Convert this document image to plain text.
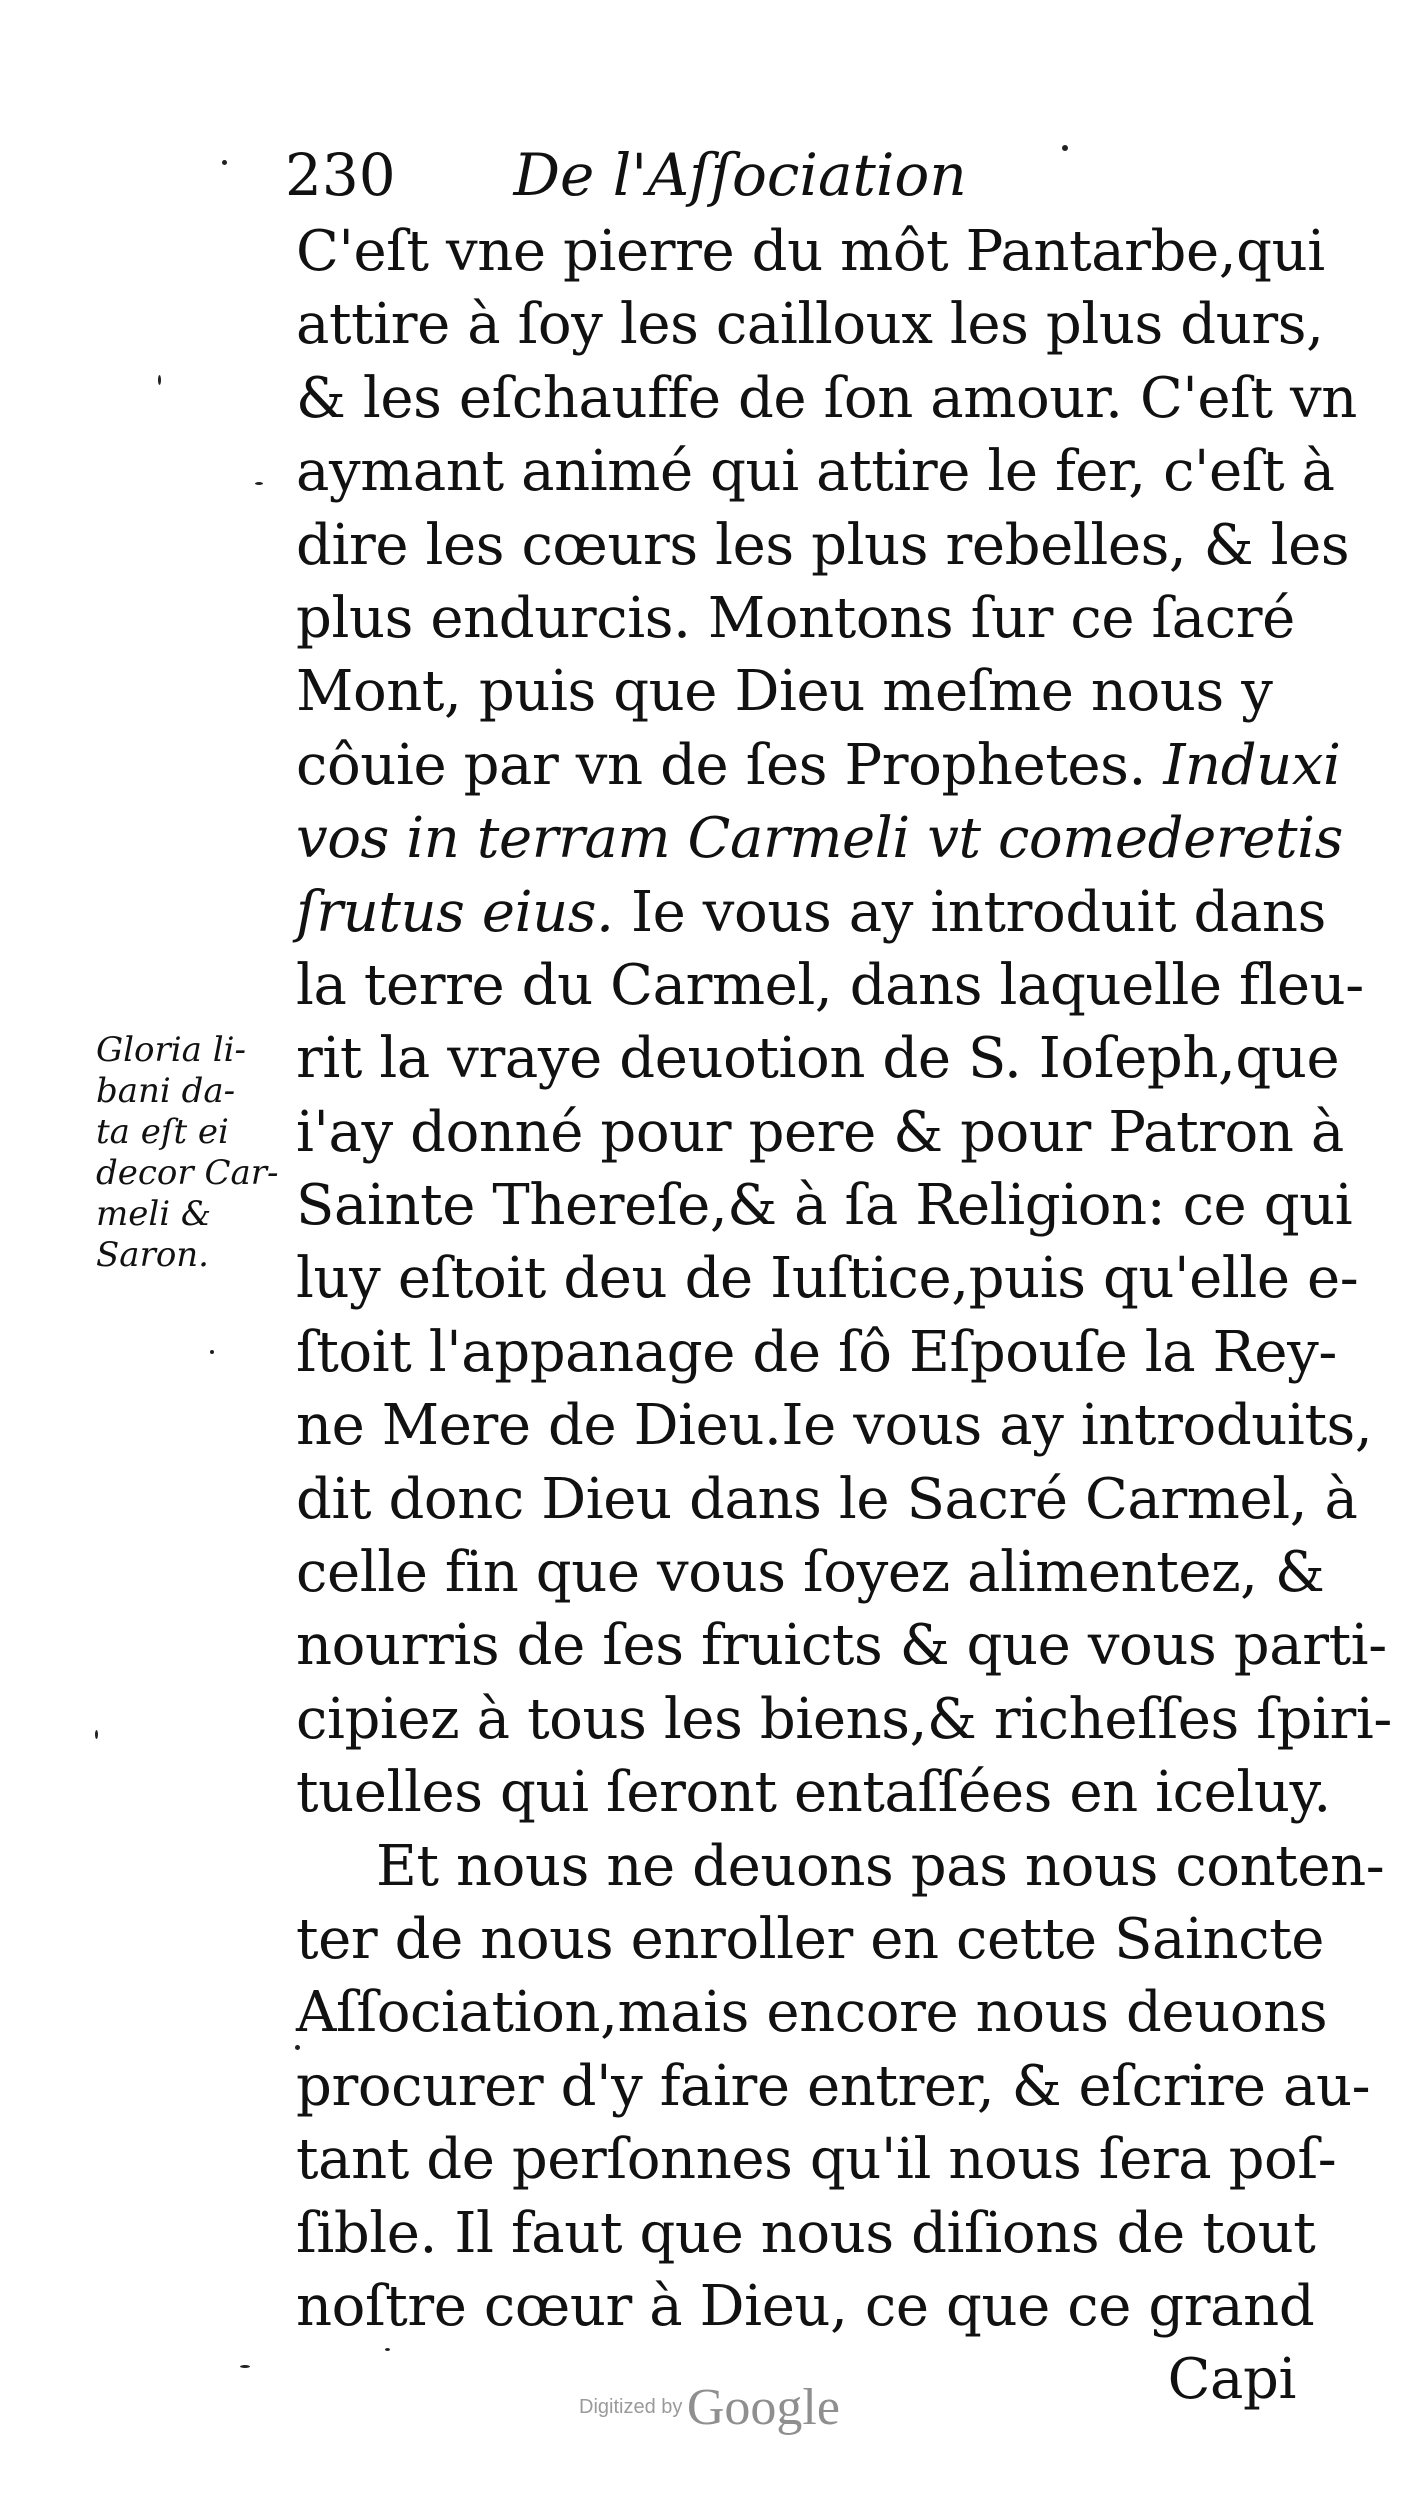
230 De l'Aſſociation
C'eſt vne pierre du môt Pantarbe,qui
attire à ſoy les cailloux les plus durs,
& les eſchauffe de ſon amour. C'eſt vn
aymant animé qui attire le fer, c'eſt à
dire les cœurs les plus rebelles, & les
plus endurcis. Montons ſur ce ſacré
Mont, puis que Dieu meſme nous y
côuie par vn de ſes Prophetes. Induxi
vos in terram Carmeli vt comederetis
ſrutus eius. Ie vous ay introduit dans
la terre du Carmel, dans laquelle fleu-
rit la vraye deuotion de S. Ioſeph,que
i'ay donné pour pere & pour Patron à
Sainte Thereſe,& à ſa Religion: ce qui
luy eſtoit deu de Iuſtice,puis qu'elle e-
ſtoit l'appanage de ſô Eſpouſe la Rey-
ne Mere de Dieu.Ie vous ay introduits,
dit donc Dieu dans le Sacré Carmel, à
celle fin que vous ſoyez alimentez, &
nourris de ſes fruicts & que vous parti-
cipiez à tous les biens,& richeſſes ſpiri-
tuelles qui ſeront entaſſées en iceluy.
Et nous ne deuons pas nous conten-
ter de nous enroller en cette Saincte
Aſſociation,mais encore nous deuons
procurer d'y faire entrer, & eſcrire au-
tant de perſonnes qu'il nous ſera poſ-
ſible. Il faut que nous diſions de tout
noſtre cœur à Dieu, ce que ce grand
Capi
Gloria li-
bani da-
ta eſt ei
decor Car-
meli &
Saron.
Digitized by Google
